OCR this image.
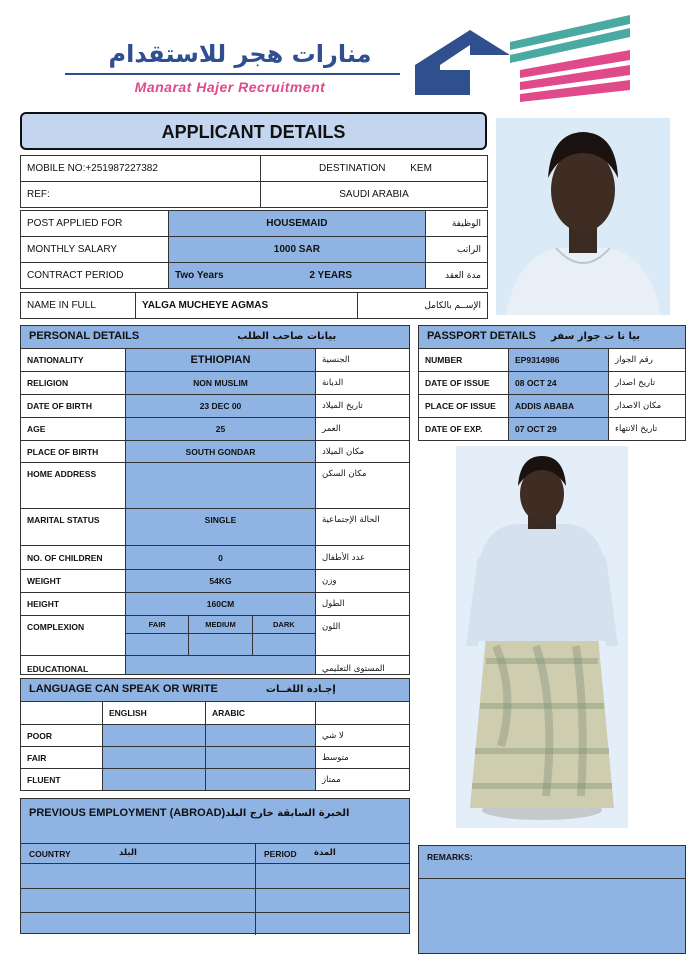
منارات هجر للاستقدام
Manarat Hajer Recruitment
APPLICANT DETAILS
MOBILE NO:+251987227382	DESTINATION KEM
REF:	SAUDI ARABIA
POST APPLIED FOR	HOUSEMAID		الوظيفة
MONTHLY SALARY	1000 SAR		الراتب
CONTRACT PERIOD	Two Years	2 YEARS	مدة العقد
NAME IN FULL	YALGA MUCHEYE AGMAS	الإســم بالكامل
PERSONAL DETAILS	بيانات صاحب الطلب
NATIONALITY	ETHIOPIAN	الجنسية
RELIGION	NON MUSLIM	الديانة
DATE OF BIRTH	23 DEC 00	تاريخ الميلاد
AGE	25	العمر
PLACE OF BIRTH	SOUTH GONDAR	مكان الميلاد
HOME ADDRESS		مكان السكن
MARITAL STATUS	SINGLE	الحالة الإجتماعية
NO. OF CHILDREN	0	عدد الأطفال
WEIGHT	54KG	وزن
HEIGHT	160CM	الطول
COMPLEXION	FAIR MEDIUM DARK	اللون
EDUCATIONAL		المستوى التعليمي
LANGUAGE CAN SPEAK OR WRITE	إجـادة اللغــات
	ENGLISH	ARABIC	
POOR			لا شي
FAIR			متوسط
FLUENT			ممتاز
PREVIOUS EMPLOYMENT (ABROAD)الخبرة السابقة خارج البلد
COUNTRY	البلد	PERIOD المدة
PASSPORT DETAILS بيا نا ت جواز سفر
NUMBER	EP9314986	رقم الجواز
DATE OF ISSUE	08 OCT 24	تاريخ اصدار
PLACE OF ISSUE	ADDIS ABABA	مكان الاصدار
DATE OF EXP.	07 OCT 29	تاريخ الانتهاء
REMARKS:
